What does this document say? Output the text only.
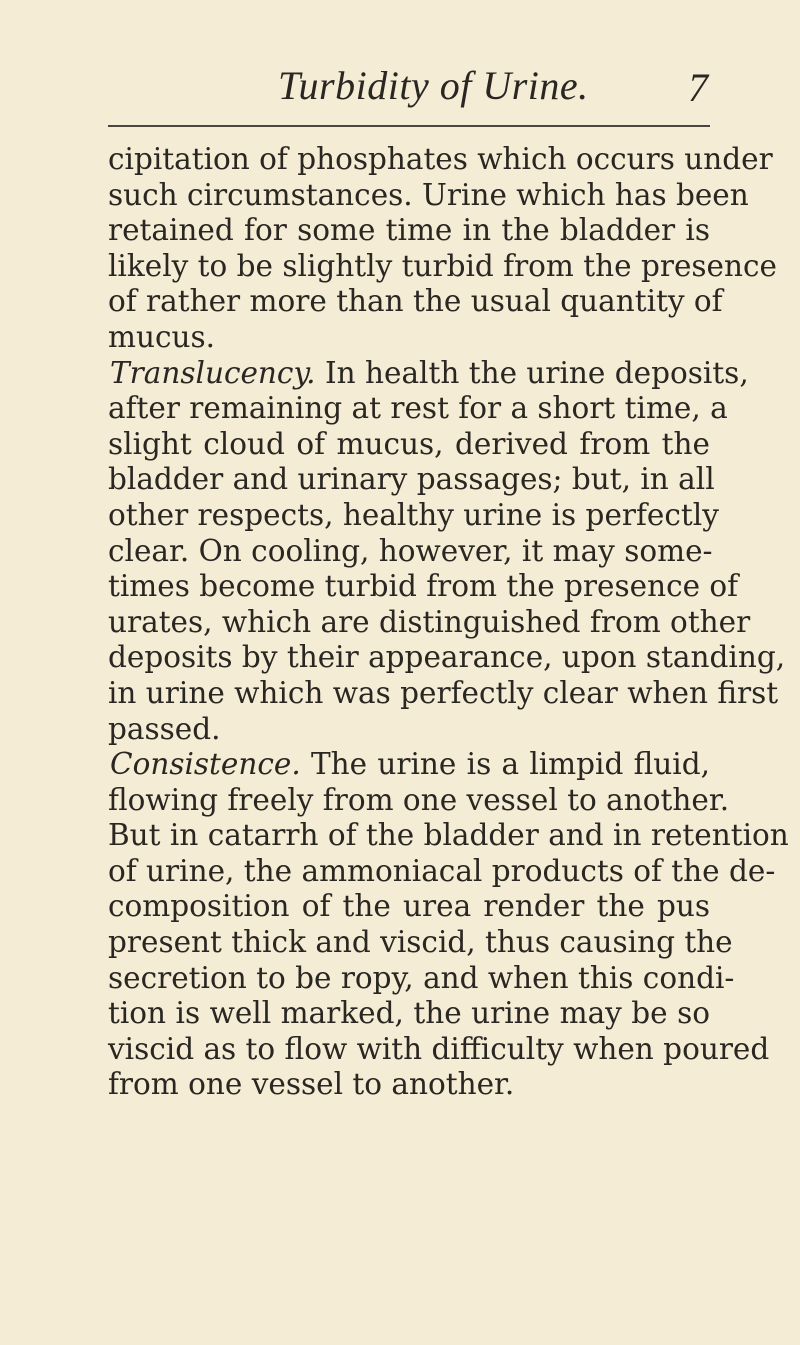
Turbidity of Urine. 7
cipitation of phosphates which occurs under
such circumstances. Urine which has been
retained for some time in the bladder is
likely to be slightly turbid from the presence
of rather more than the usual quantity of
mucus.
Translucency. In health the urine deposits,
after remaining at rest for a short time, a
slight cloud of mucus, derived from the
bladder and urinary passages; but, in all
other respects, healthy urine is perfectly
clear. On cooling, however, it may some-
times become turbid from the presence of
urates, which are distinguished from other
deposits by their appearance, upon standing,
in urine which was perfectly clear when first
passed.
Consistence. The urine is a limpid fluid,
flowing freely from one vessel to another.
But in catarrh of the bladder and in retention
of urine, the ammoniacal products of the de-
composition of the urea render the pus
present thick and viscid, thus causing the
secretion to be ropy, and when this condi-
tion is well marked, the urine may be so
viscid as to flow with difficulty when poured
from one vessel to another.
